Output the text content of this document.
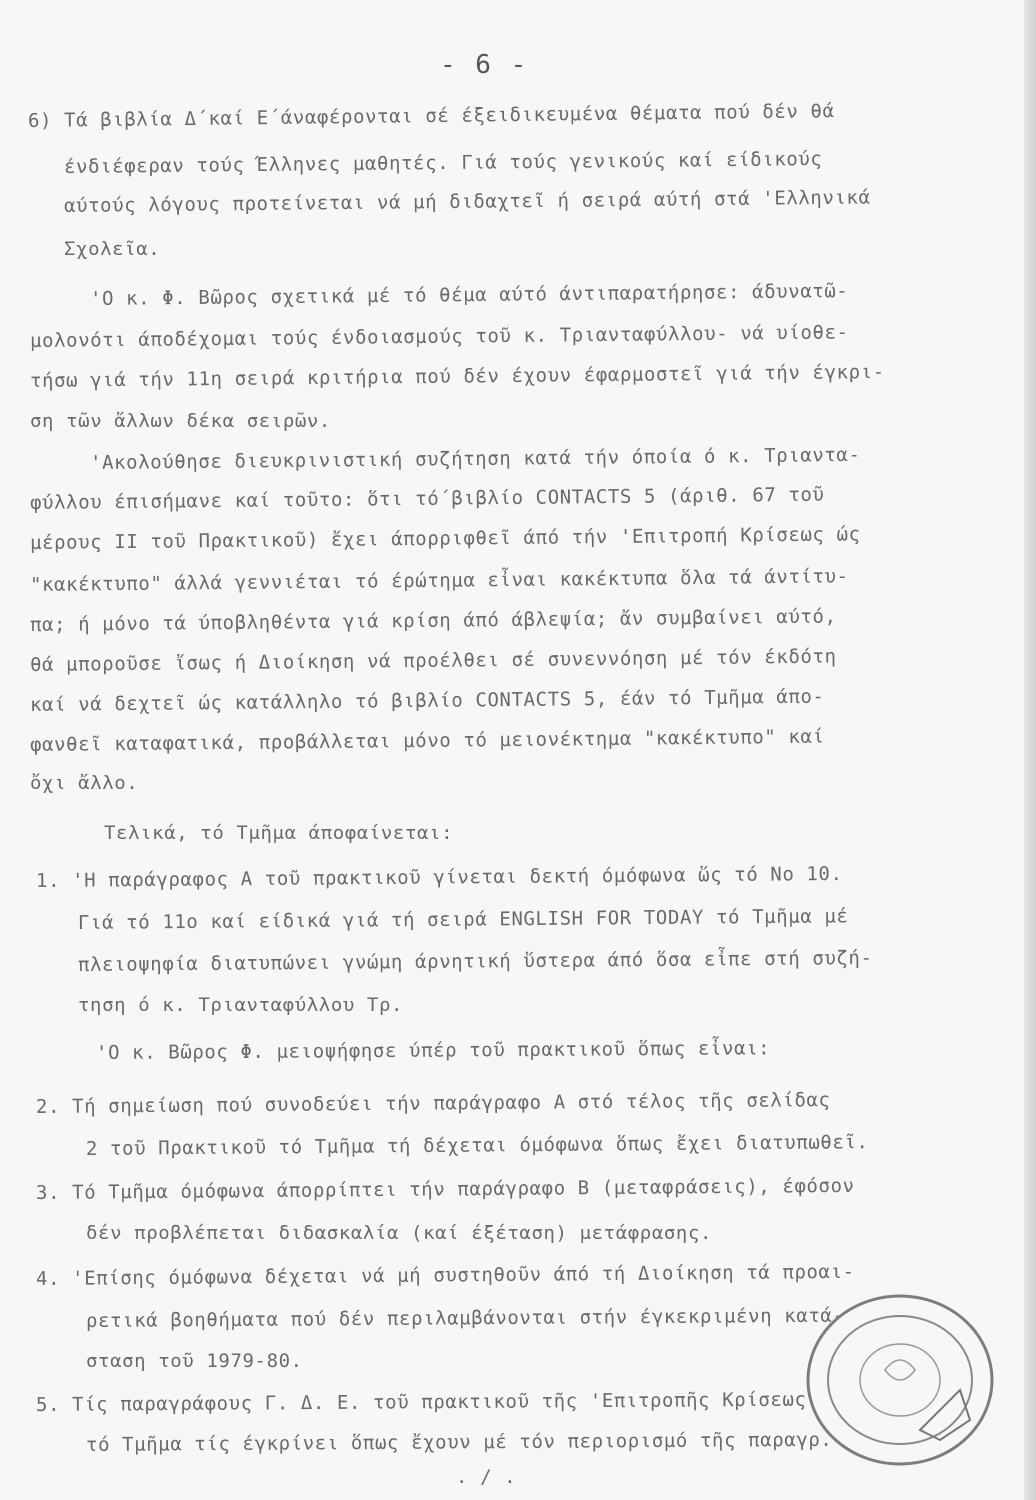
- 6 -
6) Τά βιβλία Δ΄καί Ε΄άναφέρονται σέ έξειδικευμένα θέματα πού δέν θά
ένδιέφεραν τούς Έλληνες μαθητές. Γιά τούς γενικούς καί είδικούς
αύτούς λόγους προτείνεται νά μή διδαχτεῖ ή σειρά αύτή στά 'Ελληνικά
Σχολεῖα.
'Ο κ. Φ. Βῶρος σχετικά μέ τό θέμα αύτό άντιπαρατήρησε: άδυνατῶ-
μολονότι άποδέχομαι τούς ένδοιασμούς τοῦ κ. Τριανταφύλλου- νά υίοθε-
τήσω γιά τήν 11η σειρά κριτήρια πού δέν έχουν έφαρμοστεῖ γιά τήν έγκρι-
ση τῶν ἄλλων δέκα σειρῶν.
'Ακολούθησε διευκρινιστική συζήτηση κατά τήν όποία ό κ. Τριαντα-
φύλλου έπισήμανε καί τοῦτο: ὅτι τό΄βιβλίο CONTACTS 5 (άριθ. 67 τοῦ
μέρους ΙΙ τοῦ Πρακτικοῦ) ἔχει άπορριφθεῖ άπό τήν 'Επιτροπή Κρίσεως ώς
"κακέκτυπο" άλλά γεννιέται τό έρώτημα εἶναι κακέκτυπα ὅλα τά άντίτυ-
πα; ή μόνο τά ύποβληθέντα γιά κρίση άπό άβλεψία; ἄν συμβαίνει αύτό,
θά μποροῦσε ἴσως ή Διοίκηση νά προέλθει σέ συνεννόηση μέ τόν έκδότη
καί νά δεχτεῖ ώς κατάλληλο τό βιβλίο CONTACTS 5, έάν τό Τμῆμα άπο-
φανθεῖ καταφατικά, προβάλλεται μόνο τό μειονέκτημα "κακέκτυπο" καί
ὄχι ἄλλο.
Τελικά, τό Τμῆμα άποφαίνεται:
1. 'Η παράγραφος Α τοῦ πρακτικοῦ γίνεται δεκτή όμόφωνα ὥς τό Νο 10.
Γιά τό 11ο καί είδικά γιά τή σειρά ENGLISH FOR TODAY τό Τμῆμα μέ
πλειοψηφία διατυπώνει γνώμη άρνητική ὕστερα άπό ὅσα εἶπε στή συζή-
τηση ό κ. Τριανταφύλλου Τρ.
'Ο κ. Βῶρος Φ. μειοψήφησε ύπέρ τοῦ πρακτικοῦ ὅπως εἶναι:
2. Τή σημείωση πού συνοδεύει τήν παράγραφο Α στό τέλος τῆς σελίδας
2 τοῦ Πρακτικοῦ τό Τμῆμα τή δέχεται όμόφωνα ὅπως ἔχει διατυπωθεῖ.
3. Τό Τμῆμα όμόφωνα άπορρίπτει τήν παράγραφο Β (μεταφράσεις), έφόσον
δέν προβλέπεται διδασκαλία (καί έξέταση) μετάφρασης.
4. 'Επίσης όμόφωνα δέχεται νά μή συστηθοῦν άπό τή Διοίκηση τά προαι-
ρετικά βοηθήματα πού δέν περιλαμβάνονται στήν έγκεκριμένη κατά-
σταση τοῦ 1979-80.
5. Τίς παραγράφους Γ. Δ. Ε. τοῦ πρακτικοῦ τῆς 'Επιτροπῆς Κρίσεως
τό Τμῆμα τίς έγκρίνει ὅπως ἔχουν μέ τόν περιορισμό τῆς παραγρ.
. / .
